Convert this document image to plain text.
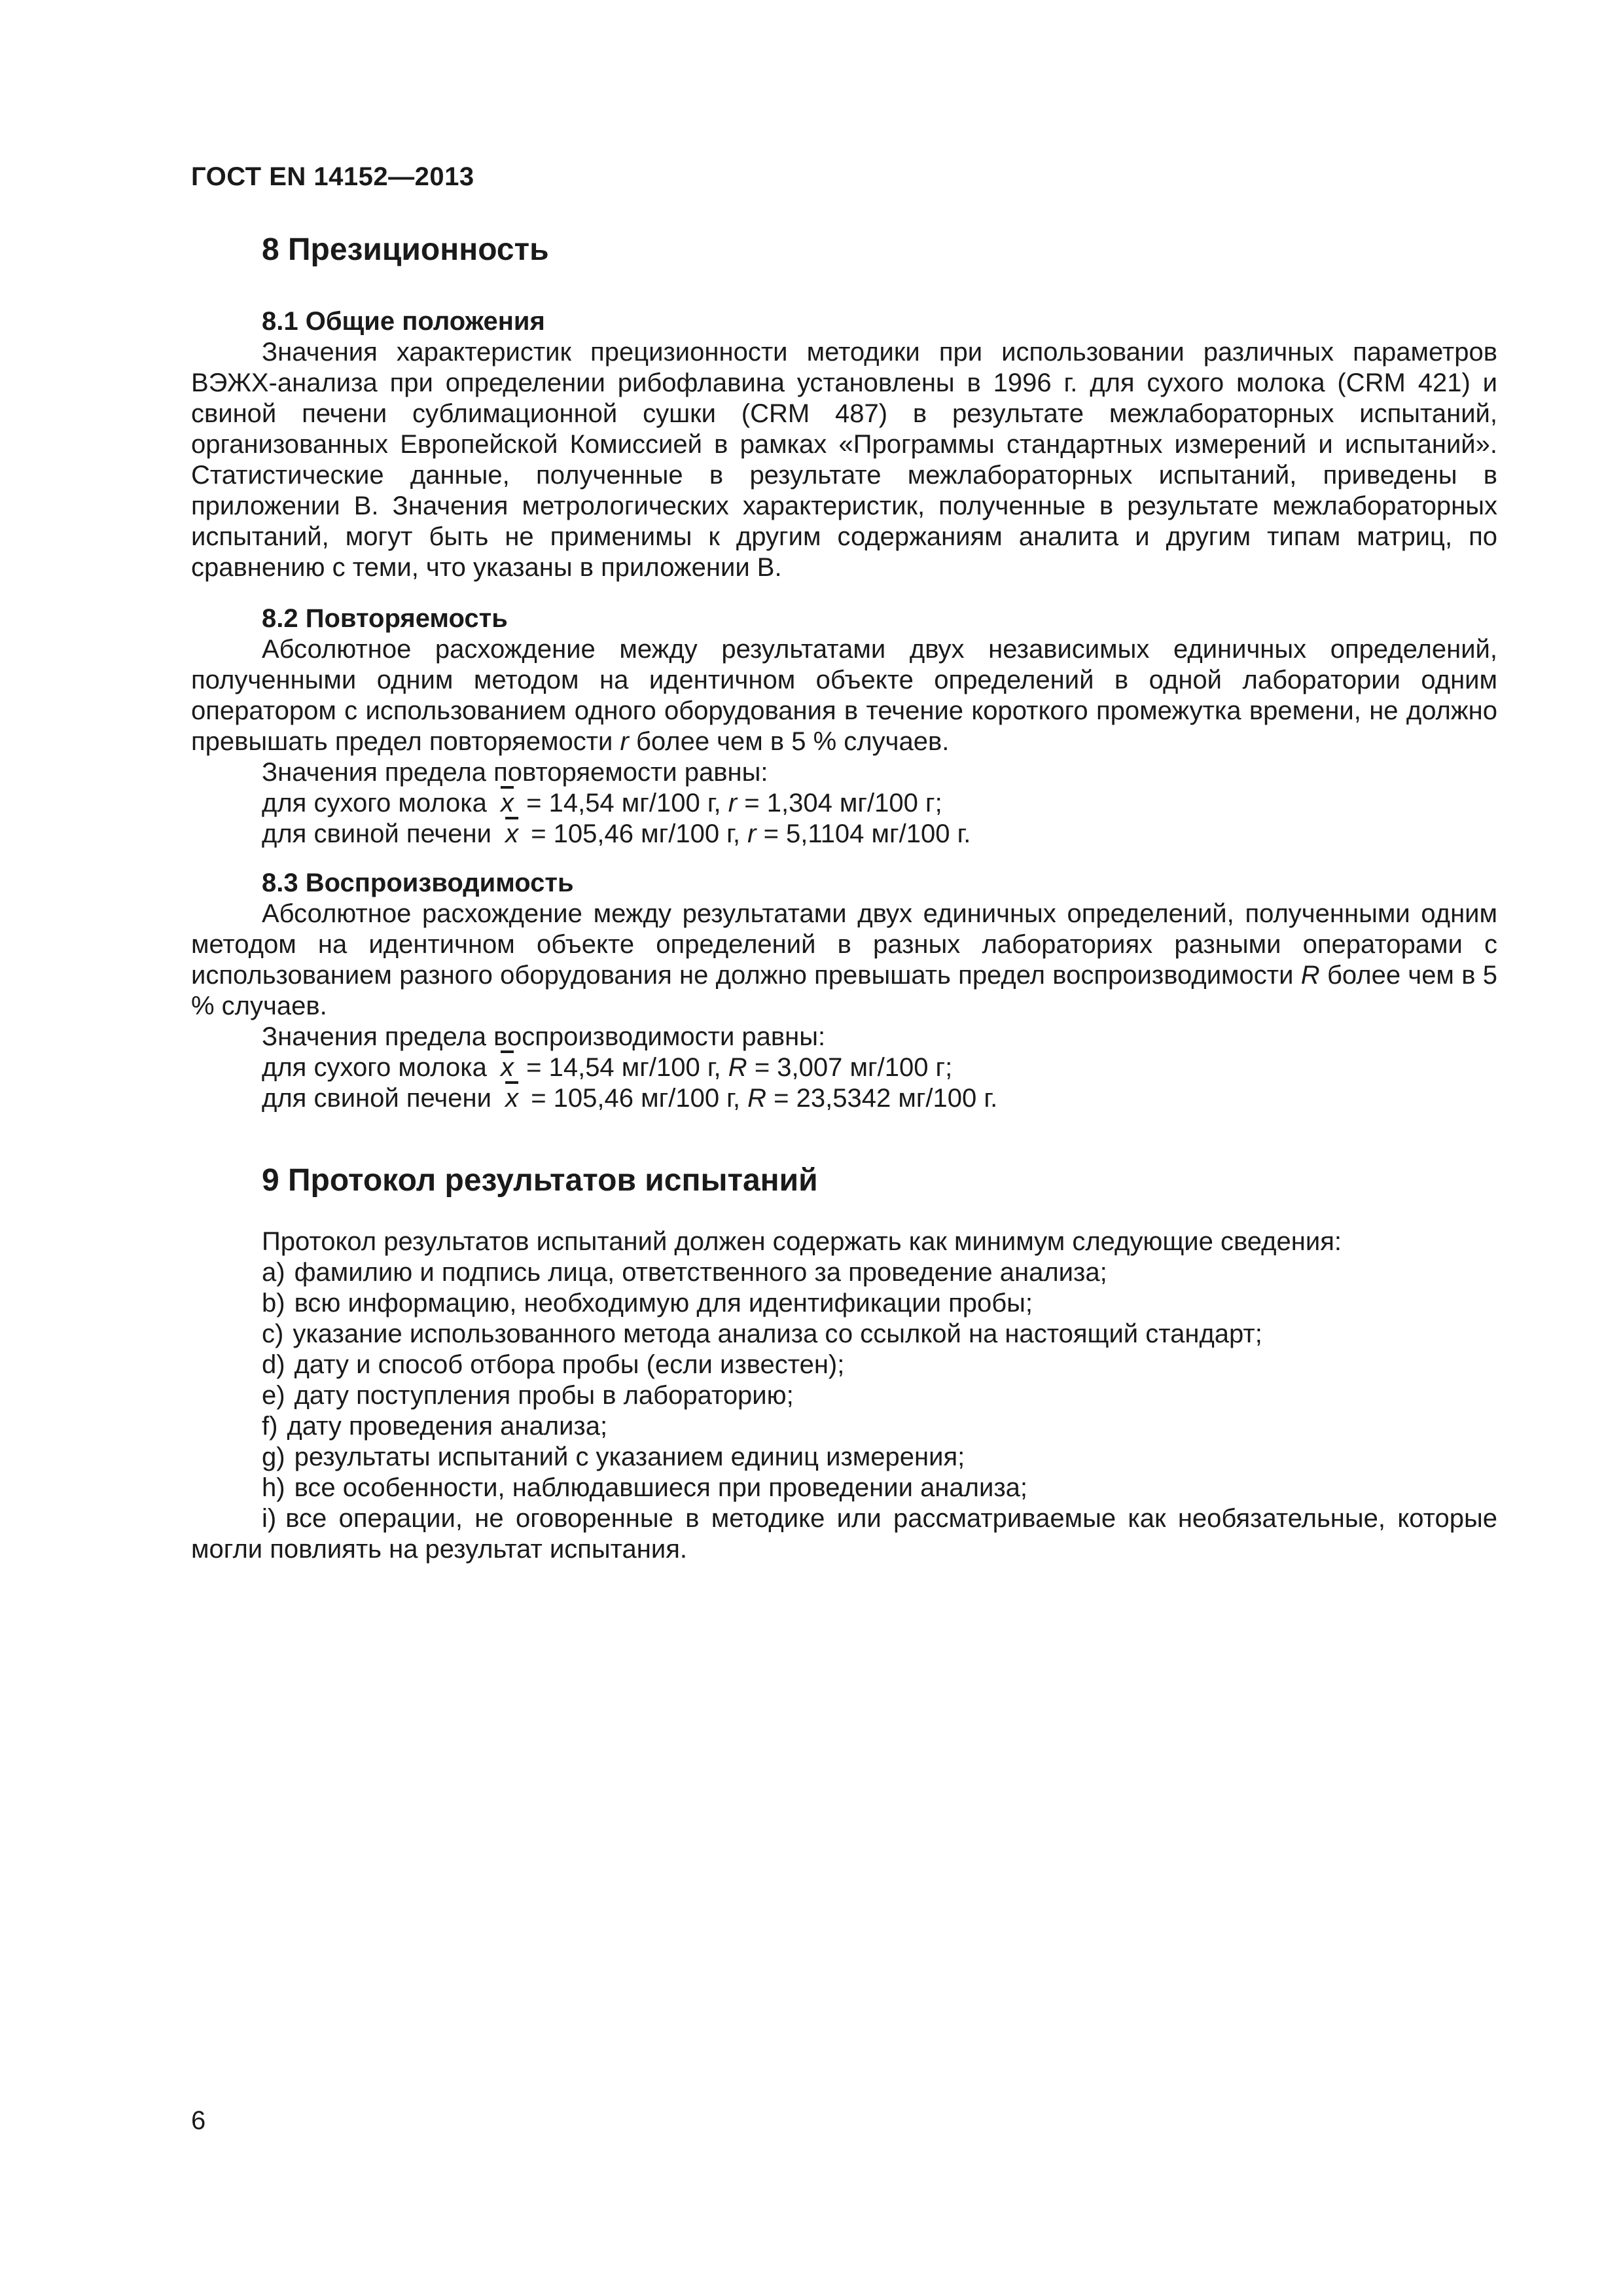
ГОСТ EN 14152—2013

8 Презиционность

8.1 Общие положения

Значения характеристик прецизионности методики при использовании различных параметров ВЭЖХ-анализа при определении рибофлавина установлены в 1996 г. для сухого молока (CRM 421) и свиной печени сублимационной сушки (CRM 487) в результате межлабораторных испытаний, организованных Европейской Комиссией в рамках «Программы стандартных измерений и испытаний». Статистические данные, полученные в результате межлабораторных испытаний, приведены в приложении В. Значения метрологических характеристик, полученные в результате межлабораторных испытаний, могут быть не применимы к другим содержаниям аналита и другим типам матриц, по сравнению с теми, что указаны в приложении В.

8.2 Повторяемость

Абсолютное расхождение между результатами двух независимых единичных определений, полученными одним методом на идентичном объекте определений в одной лаборатории одним оператором с использованием одного оборудования в течение короткого промежутка времени, не должно превышать предел повторяемости r более чем в 5 % случаев.

Значения предела повторяемости равны:

для сухого молока $\overline{x} = 14,54$ мг/100 г, r = 1,304 мг/100 г;

для свиной печени $\overline{x} = 105,46$ мг/100 г, r = 5,1104 мг/100 г.

8.3 Воспроизводимость

Абсолютное расхождение между результатами двух единичных определений, полученными одним методом на идентичном объекте определений в разных лабораториях разными операторами с использованием разного оборудования не должно превышать предел воспроизводимости R более чем в 5 % случаев.

Значения предела воспроизводимости равны:

для сухого молока $\overline{x} = 14,54$ мг/100 г, R = 3,007 мг/100 г;

для свиной печени $\overline{x} = 105,46$ мг/100 г, R = 23,5342 мг/100 г.

9 Протокол результатов испытаний

Протокол результатов испытаний должен содержать как минимум следующие сведения:

a) фамилию и подпись лица, ответственного за проведение анализа;

b) всю информацию, необходимую для идентификации пробы;

c) указание использованного метода анализа со ссылкой на настоящий стандарт;

d) дату и способ отбора пробы (если известен);

e) дату поступления пробы в лабораторию;

f) дату проведения анализа;

g) результаты испытаний с указанием единиц измерения;

h) все особенности, наблюдавшиеся при проведении анализа;

i) все операции, не оговоренные в методике или рассматриваемые как необязательные, которые могли повлиять на результат испытания.

6
